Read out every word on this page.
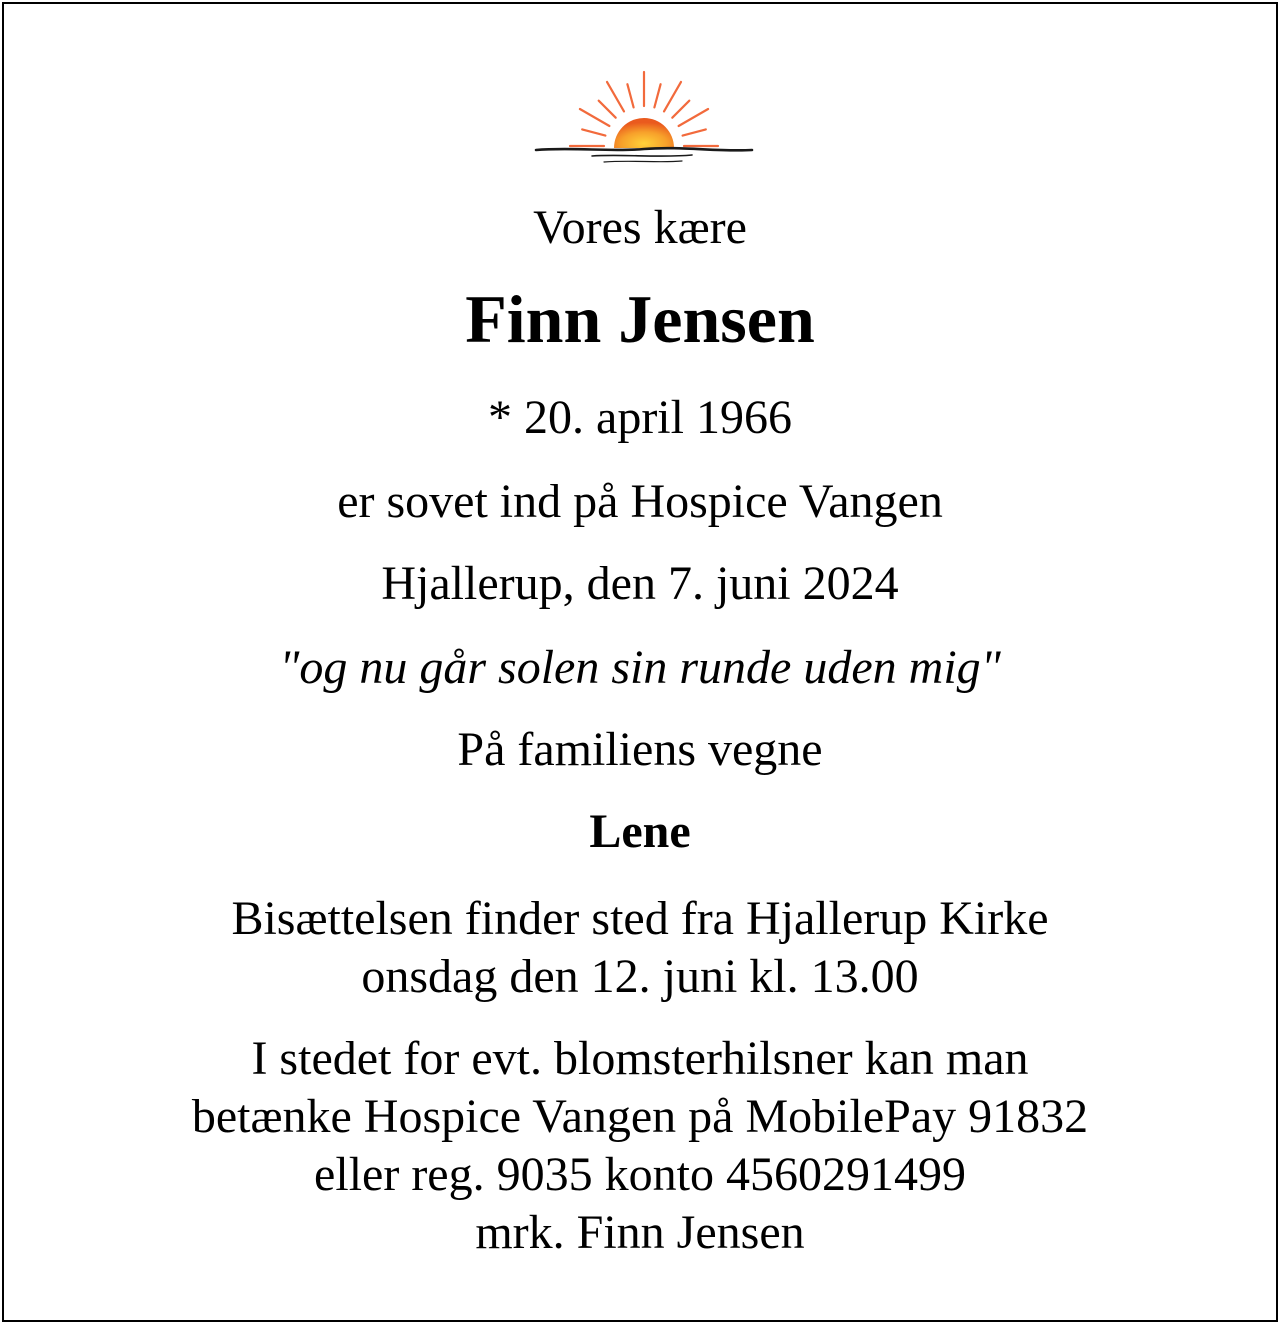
Vores kære

Finn Jensen

* 20. april 1966

er sovet ind på Hospice Vangen

Hjallerup, den 7. juni 2024

"og nu går solen sin runde uden mig"

På familiens vegne

Lene

Bisættelsen finder sted fra Hjallerup Kirke
onsdag den 12. juni kl. 13.00
I stedet for evt. blomsterhilsner kan man
betænke Hospice Vangen på MobilePay 91832
eller reg. 9035 konto 4560291499
mrk. Finn Jensen
